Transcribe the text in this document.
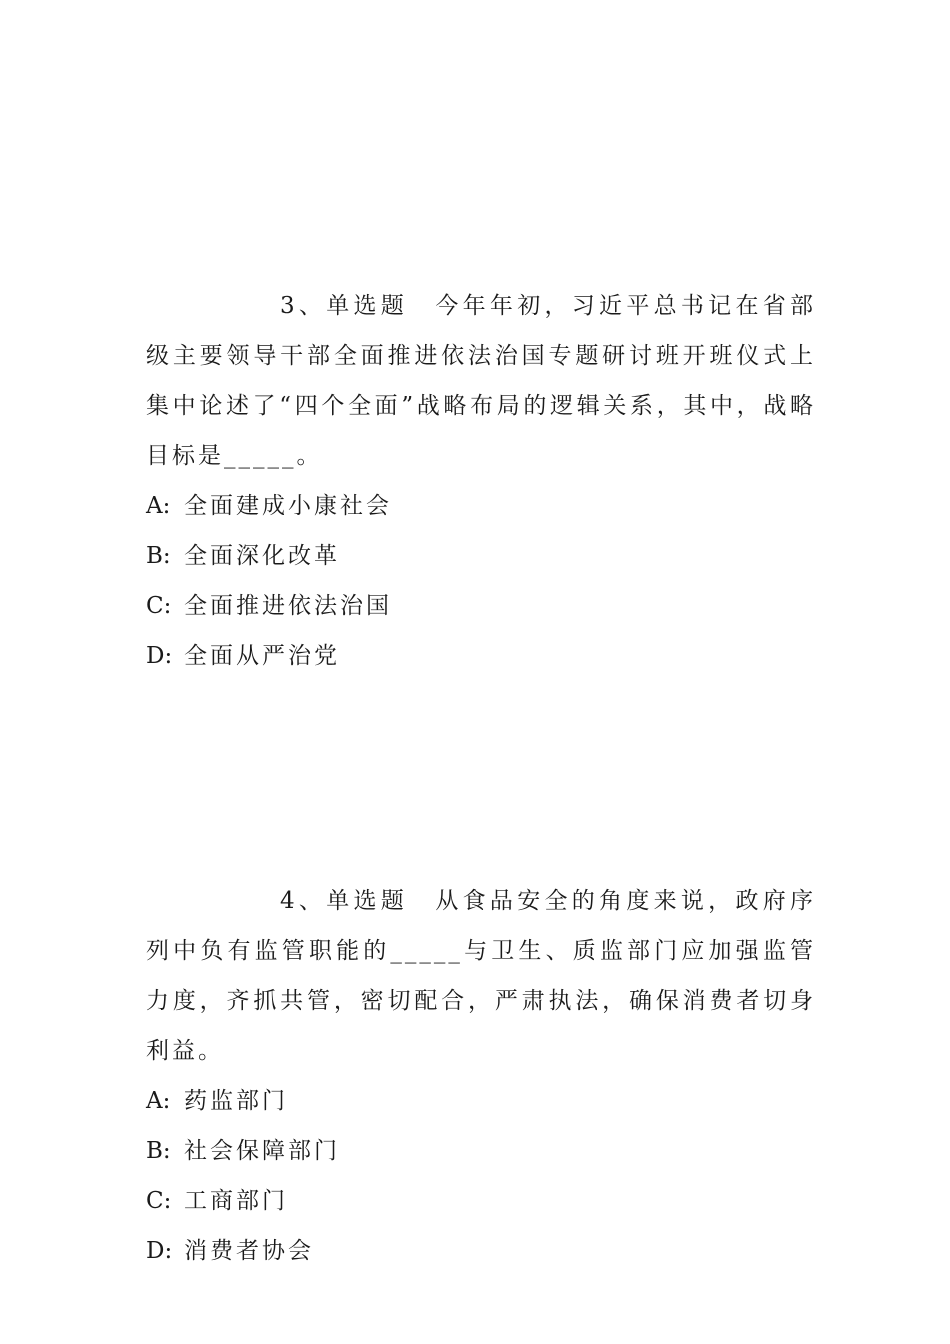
3、单选题　 今年年初，习近平总书记在省部级主要领导干部全面推进依法治国专题研讨班开班仪式上集中论述了“四个全面”战略布局的逻辑关系，其中，战略目标是_____。

A: 全面建成小康社会
B: 全面深化改革
C: 全面推进依法治国
D: 全面从严治党

4、单选题　 从食品安全的角度来说，政府序列中负有监管职能的_____与卫生、质监部门应加强监管力度，齐抓共管，密切配合，严肃执法，确保消费者切身利益。

A: 药监部门
B: 社会保障部门
C: 工商部门
D: 消费者协会
